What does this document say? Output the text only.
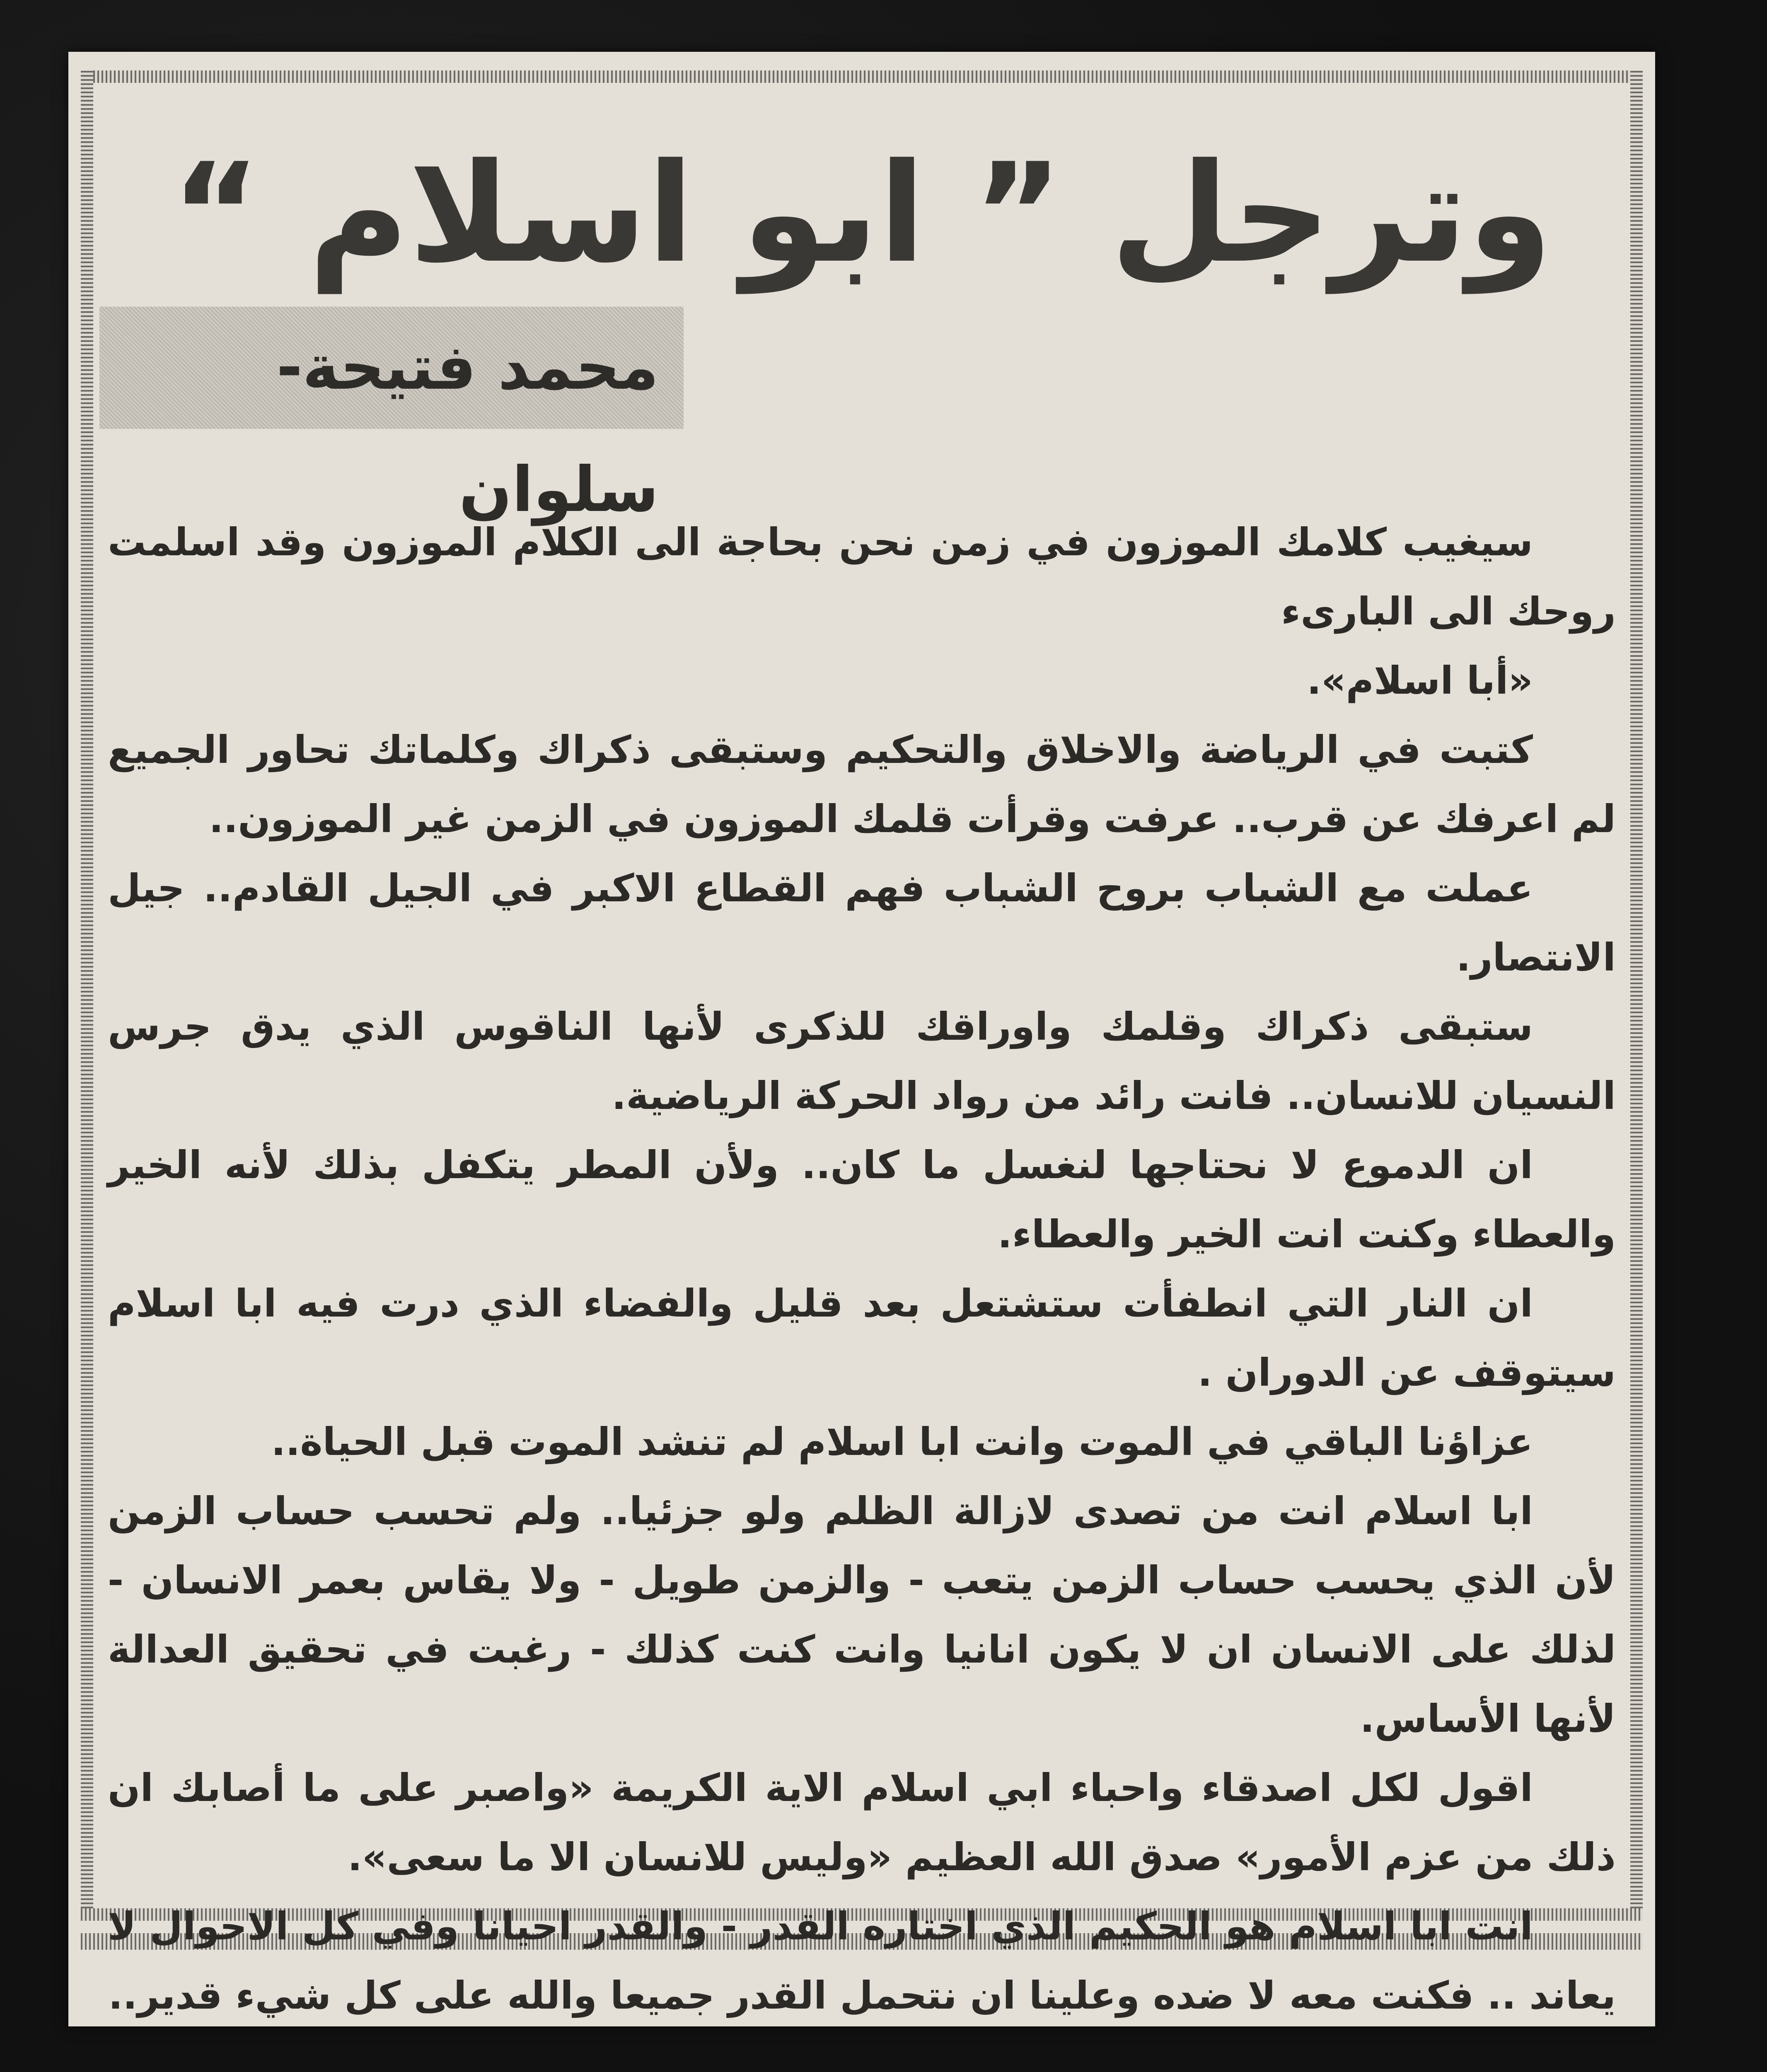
وترجل ” ابو اسلام “
محمد فتيحة-سلوان

سيغيب كلامك الموزون في زمن نحن بحاجة الى الكلام الموزون وقد اسلمت روحك الى البارىء

«أبا اسلام».

كتبت في الرياضة والاخلاق والتحكيم وستبقى ذكراك وكلماتك تحاور الجميع لم اعرفك عن قرب.. عرفت وقرأت قلمك الموزون في الزمن غير الموزون..

عملت مع الشباب بروح الشباب فهم القطاع الاكبر في الجيل القادم.. جيل الانتصار.

ستبقى ذكراك وقلمك واوراقك للذكرى لأنها الناقوس الذي يدق جرس النسيان للانسان.. فانت رائد من رواد الحركة الرياضية.

ان الدموع لا نحتاجها لنغسل ما كان.. ولأن المطر يتكفل بذلك لأنه الخير والعطاء وكنت انت الخير والعطاء.

ان النار التي انطفأت ستشتعل بعد قليل والفضاء الذي درت فيه ابا اسلام سيتوقف عن الدوران .

عزاؤنا الباقي في الموت وانت ابا اسلام لم تنشد الموت قبل الحياة..

ابا اسلام انت من تصدى لازالة الظلم ولو جزئيا.. ولم تحسب حساب الزمن لأن الذي يحسب حساب الزمن يتعب - والزمن طويل - ولا يقاس بعمر الانسان - لذلك على الانسان ان لا يكون انانيا وانت كنت كذلك - رغبت في تحقيق العدالة لأنها الأساس.

اقول لكل اصدقاء واحباء ابي اسلام الاية الكريمة «واصبر على ما أصابك ان ذلك من عزم الأمور» صدق الله العظيم «وليس للانسان الا ما سعى».

انت ابا اسلام هو الحكيم الذي اختاره القدر - والقدر احيانا وفي كل الاحوال لا يعاند .. فكنت معه لا ضده وعلينا ان نتحمل القدر جميعا والله على كل شيء قدير..
